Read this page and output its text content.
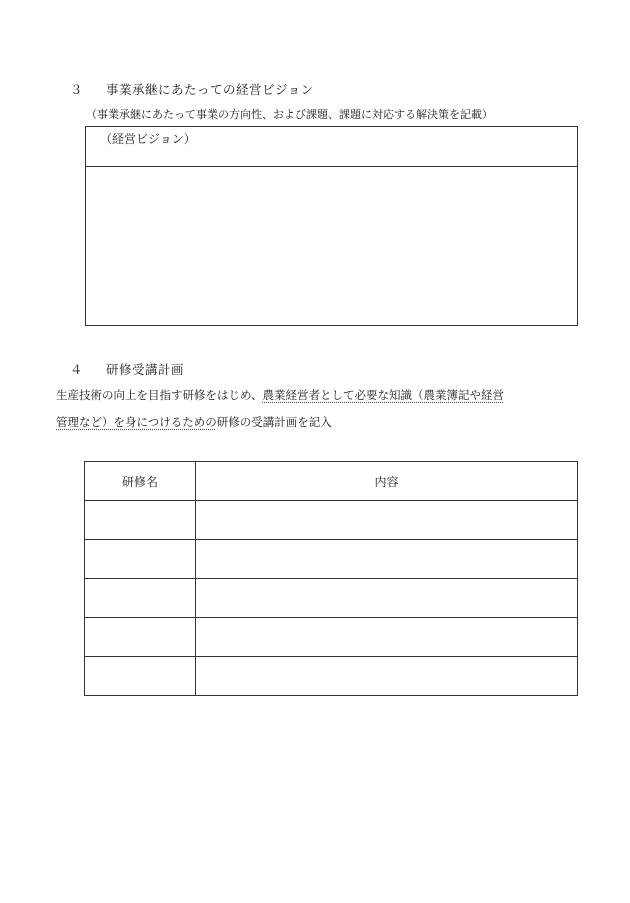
３ 事業承継にあたっての経営ビジョン
（事業承継にあたって事業の方向性、および課題、課題に対応する解決策を記載）
（経営ビジョン）
４ 研修受講計画
生産技術の向上を目指す研修をはじめ、農業経営者として必要な知識（農業簿記や経営
管理など）を身につけるための研修の受講計画を記入
研修名	内容
